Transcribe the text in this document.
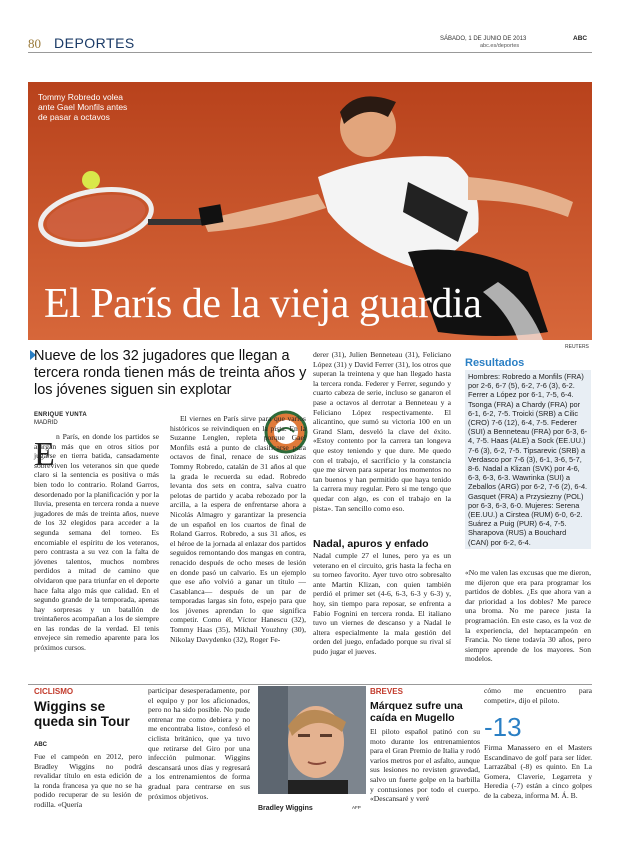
80 DEPORTES	SÁBADO, 1 DE JUNIO DE 2013	ABC
abc.es/deportes
Tommy Robredo volea ante Gael Monfils antes de pasar a octavos
El París de la vieja guardia
REUTERS
Nueve de los 32 jugadores que llegan a tercera ronda tienen más de treinta años y los jóvenes siguen sin explotar
ENRIQUE YUNTA
MADRID
E n París, en donde los partidos se alargan más que en otros sitios por jugarse en tierra batida, cansadamente sobreviven los veteranos sin que quede claro si la sentencia es positiva o más bien todo lo contrario. Roland Garros, desordenado por la planificación y por la lluvia, presenta en tercera ronda a nueve jugadores de más de treinta años, nueve de los 32 elegidos para acceder a la segunda semana del torneo. Es encomiable el espíritu de los veteranos, pero contrasta a su vez con la falta de jóvenes talentos, muchos nombres perdidos a mitad de camino que olvidaron que para triunfar en el deporte hace falta algo más que calidad. En el segundo grande de la temporada, apenas hay sorpresas y un batallón de treintañeros acompañan a los de siempre en las rondas de la verdad. El tenis envejece sin remedio aparente para los próximos cursos.
El viernes en París sirve para que varios históricos se reivindiquen en la pista. En la Suzanne Lenglen, repleta porque Gael Monfils está a punto de clasificarse para octavos de final, renace de sus cenizas Tommy Robredo, catalán de 31 años al que la grada le recuerda su edad. Robredo levanta dos sets en contra, salva cuatro pelotas de partido y acaba rebozado por la arcilla, a la espera de enfrentarse ahora a Nicolás Almagro y garantizar la presencia de un español en los cuartos de final de Roland Garros. Robredo, a sus 31 años, es el héroe de la jornada al enlazar dos partidos seguidos remontando dos mangas en contra, renacido después de ocho meses de lesión en donde pasó un calvario. Es un ejemplo que ese año volvió a ganar un título —Casablanca— después de un par de temporadas largas sin foto, espejo para que los jóvenes aprendan lo que significa competir. Como él, Víctor Hanescu (32), Tommy Haas (35), Mikhail Youzhny (30), Nikolay Davydenko (32), Roger Fe-
derer (31), Julien Benneteau (31), Feliciano López (31) y David Ferrer (31), los otros que superan la treintena y que han llegado hasta la tercera ronda. Federer y Ferrer, segundo y cuarto cabeza de serie, incluso se ganaron el pase a octavos al derrotar a Benneteau y a Feliciano López respectivamente. El alicantino, que sumó su victoria 100 en un Grand Slam, desveló la clave del éxito. «Estoy contento por la carrera tan longeva que estoy teniendo y que dure. Me quedo con el trabajo, el sacrificio y la constancia que me sirven para superar los momentos no tan buenos y han permitido que haya tenido la carrera muy regular. Pero si me tengo que quedar con algo, es con el trabajo en la pista». Tan sencillo como eso.
Nadal, apuros y enfado
Nadal cumple 27 el lunes, pero ya es un veterano en el circuito, gris hasta la fecha en su torneo favorito. Ayer tuvo otro sobresalto ante Martin Klizan, con quien también perdió el primer set (4-6, 6-3, 6-3 y 6-3) y, hoy, sin tiempo para reposar, se enfrenta a Fabio Fognini en tercera ronda. El italiano tuvo un viernes de descanso y a Nadal le altera especialmente la mala gestión del orden del juego, enfadado porque su rival sí pudo jugar el jueves.
Resultados
Hombres: Robredo a Monfils (FRA) por 2-6, 6-7 (5), 6-2, 7-6 (3), 6-2. Ferrer a López por 6-1, 7-5, 6-4. Tsonga (FRA) a Chardy (FRA) por 6-1, 6-2, 7-5. Troicki (SRB) a Cilic (CRO) 7-6 (12), 6-4, 7-5. Federer (SUI) a Benneteau (FRA) por 6-3, 6-4, 7-5. Haas (ALE) a Sock (EE.UU.) 7-6 (3), 6-2, 7-5. Tipsarevic (SRB) a Verdasco por 7-6 (3), 6-1, 3-6, 5-7, 8-6. Nadal a Klizan (SVK) por 4-6, 6-3, 6-3, 6-3. Wawrinka (SUI) a Zeballos (ARG) por 6-2, 7-6 (2), 6-4. Gasquet (FRA) a Przysiezny (POL) por 6-3, 6-3, 6-0. Mujeres: Serena (EE.UU.) a Cirstea (RUM) 6-0, 6-2. Suárez a Puig (PUR) 6-4, 7-5. Sharapova (RUS) a Bouchard (CAN) por 6-2, 6-4.
«No me valen las excusas que me dieron, me dijeron que era para programar los partidos de dobles. ¿Es que ahora van a dar prioridad a los dobles? Me parece una broma. No me parece justa la programación. En este caso, es la voz de la experiencia, del heptacampeón en Francia. No tiene todavía 30 años, pero siempre aprende de los mayores. Son modelos.
CICLISMO
Wiggins se queda sin Tour
ABC
Fue el campeón en 2012, pero Bradley Wiggins no podrá revalidar título en esta edición de la ronda francesa ya que no se ha podido recuperar de su lesión de rodilla. «Quería
participar desesperadamente, por el equipo y por los aficionados, pero no ha sido posible. No pude entrenar me como debiera y no me encontraba listo», confesó el ciclista británico, que ya tuvo que retirarse del Giro por una infección pulmonar. Wiggins descansará unos días y regresará a los entrenamientos de forma gradual para centrarse en sus próximos objetivos.
Bradley Wiggins	AFP
BREVES
Márquez sufre una caída en Mugello
El piloto español patinó con su moto durante los entrenamientos para el Gran Premio de Italia y rodó varios metros por el asfalto, aunque sus lesiones no revisten gravedad, salvo un fuerte golpe en la barbilla y contusiones por todo el cuerpo. «Descansaré y veré
cómo me encuentro para competir», dijo el piloto.
-13
Firma Manassero en el Masters Escandinavo de golf para ser líder. Larrazábal (-8) es quinto. En La Gomera, Claverie, Legarreta y Heredia (-7) están a cinco golpes de la cabeza, informa M. Á. B.
